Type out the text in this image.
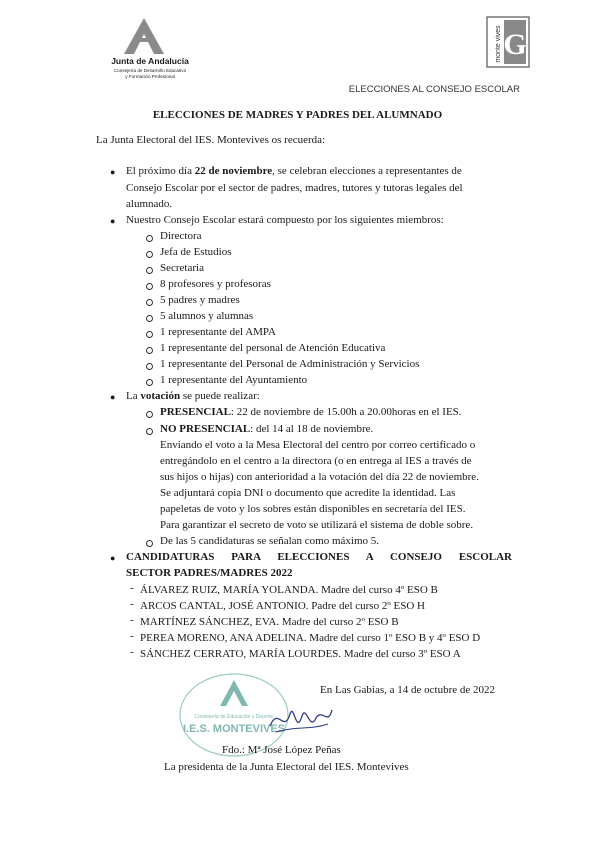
Junta de Andalucía
Consejería de Desarrollo Educativo
y Formación Profesional
monte vives G
ELECCIONES AL CONSEJO ESCOLAR
ELECCIONES DE MADRES Y PADRES DEL ALUMNADO
La Junta Electoral del IES. Montevives os recuerda:
● El próximo día 22 de noviembre, se celebran elecciones a representantes de
Consejo Escolar por el sector de padres, madres, tutores y tutoras legales del
alumnado.
● Nuestro Consejo Escolar estará compuesto por los siguientes miembros:
Directora
Jefa de Estudios
Secretaria
8 profesores y profesoras
5 padres y madres
5 alumnos y alumnas
1 representante del AMPA
1 representante del personal de Atención Educativa
1 representante del Personal de Administración y Servicios
1 representante del Ayuntamiento
● La votación se puede realizar:
PRESENCIAL: 22 de noviembre de 15.00h a 20.00horas en el IES.
NO PRESENCIAL: del 14 al 18 de noviembre.
Enviando el voto a la Mesa Electoral del centro por correo certificado o
entregándolo en el centro a la directora (o en entrega al IES a través de
sus hijos o hijas) con anterioridad a la votación del día 22 de noviembre.
Se adjuntará copia DNI o documento que acredite la identidad. Las
papeletas de voto y los sobres están disponibles en secretaría del IES.
Para garantizar el secreto de voto se utilizará el sistema de doble sobre.
De las 5 candidaturas se señalan como máximo 5.
● CANDIDATURAS PARA ELECCIONES A CONSEJO ESCOLAR
SECTOR PADRES/MADRES 2022
- ÁLVAREZ RUIZ, MARÍA YOLANDA. Madre del curso 4º ESO B
- ARCOS CANTAL, JOSÉ ANTONIO. Padre del curso 2º ESO H
- MARTÍNEZ SÁNCHEZ, EVA. Madre del curso 2º ESO B
- PEREA MORENO, ANA ADELINA. Madre del curso 1º ESO B y 4º ESO D
- SÁNCHEZ CERRATO, MARÍA LOURDES. Madre del curso 3º ESO A
Consejería de Educación y Deporte
I.E.S. MONTEVIVES
En Las Gabias, a 14 de octubre de 2022
Fdo.: Mª José López Peñas
La presidenta de la Junta Electoral del IES. Montevives
